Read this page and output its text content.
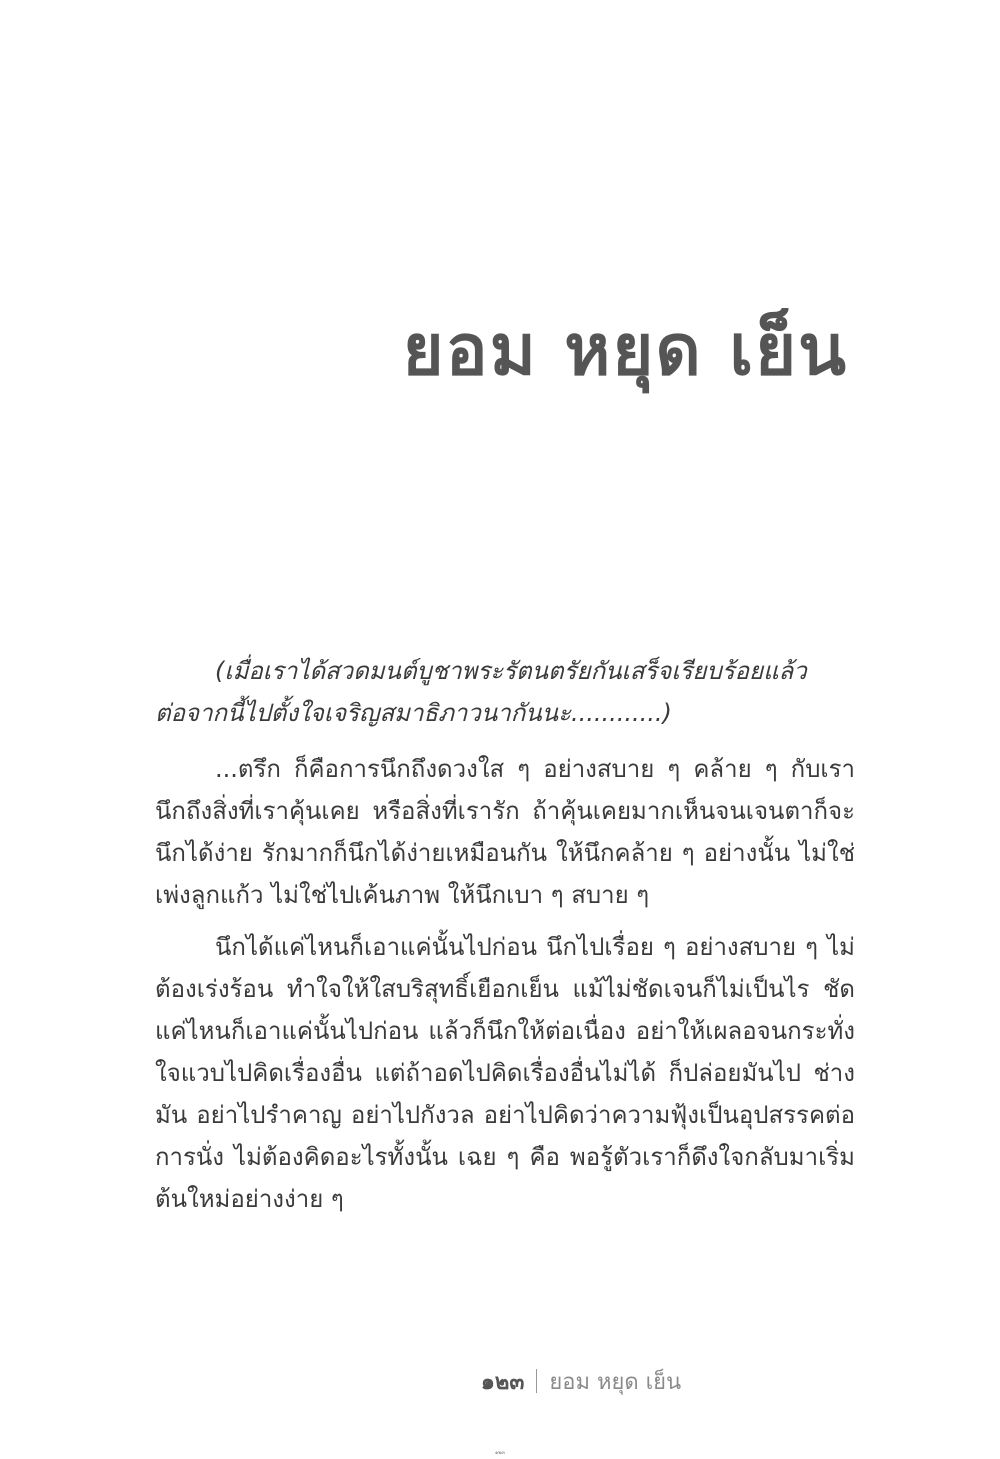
ยอม หยุด เย็น

(เมื่อเราได้สวดมนต์บูชาพระรัตนตรัยกันเสร็จเรียบร้อยแล้ว
ต่อจากนี้ไปตั้งใจเจริญสมาธิภาวนากันนะ............)

...ตรึก ก็คือการนึกถึงดวงใส ๆ อย่างสบาย ๆ คล้าย ๆ กับเรานึกถึงสิ่งที่เราคุ้นเคย หรือสิ่งที่เรารัก ถ้าคุ้นเคยมากเห็นจนเจนตาก็จะนึกได้ง่าย รักมากก็นึกได้ง่ายเหมือนกัน ให้นึกคล้าย ๆ อย่างนั้น ไม่ใช่เพ่งลูกแก้ว ไม่ใช่ไปเค้นภาพ ให้นึกเบา ๆ สบาย ๆ

นึกได้แค่ไหนก็เอาแค่นั้นไปก่อน นึกไปเรื่อย ๆ อย่างสบาย ๆ ไม่ต้องเร่งร้อน ทำใจให้ใสบริสุทธิ์เยือกเย็น แม้ไม่ชัดเจนก็ไม่เป็นไร ชัดแค่ไหนก็เอาแค่นั้นไปก่อน แล้วก็นึกให้ต่อเนื่อง อย่าให้เผลอจนกระทั่งใจแวบไปคิดเรื่องอื่น แต่ถ้าอดไปคิดเรื่องอื่นไม่ได้ ก็ปล่อยมันไป ช่างมัน อย่าไปรำคาญ อย่าไปกังวล อย่าไปคิดว่าความฟุ้งเป็นอุปสรรคต่อการนั่ง ไม่ต้องคิดอะไรทั้งนั้น เฉย ๆ คือ พอรู้ตัวเราก็ดึงใจกลับมาเริ่มต้นใหม่อย่างง่าย ๆ

๑๒๓ ยอม หยุด เย็น
๑๒๓
